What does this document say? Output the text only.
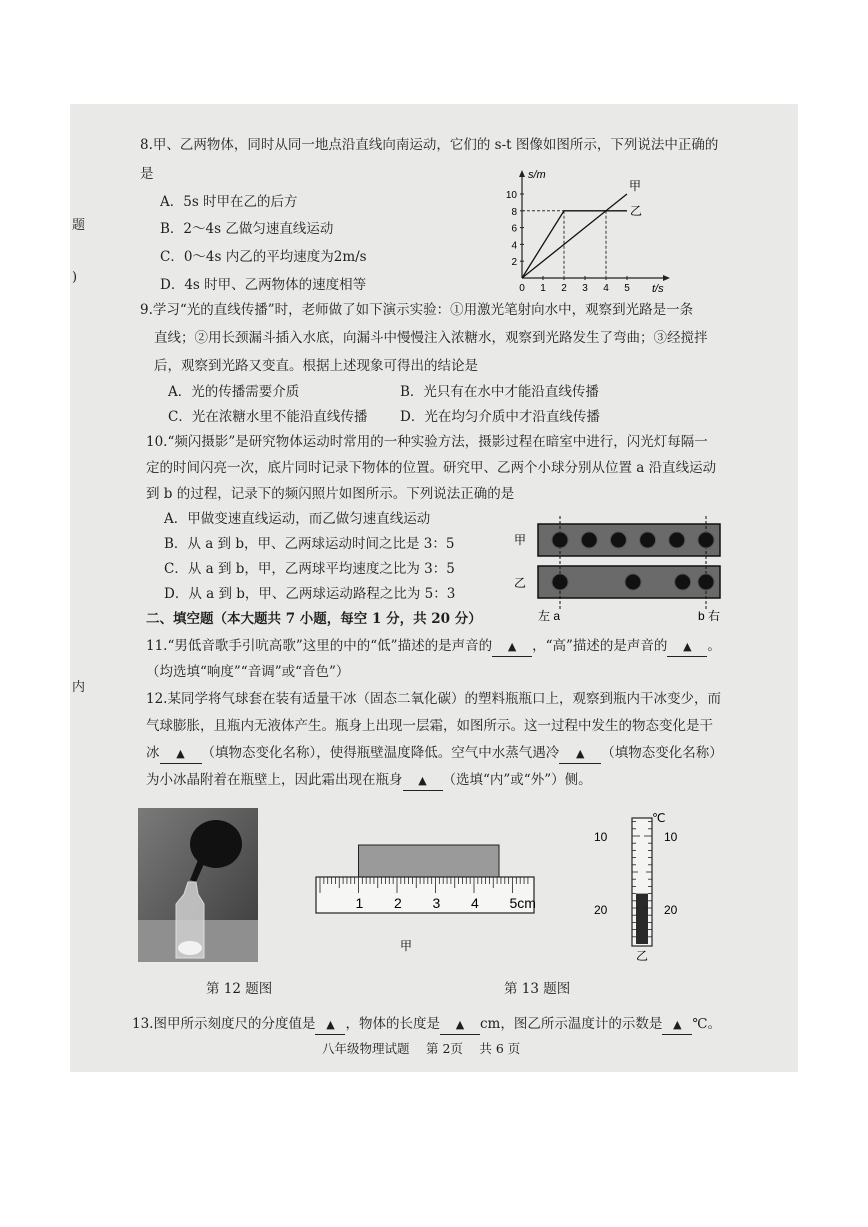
题
)
内
8.甲、乙两物体，同时从同一地点沿直线向南运动，它们的 s-t 图像如图所示，下列说法中正确的
是
A．5s 时甲在乙的后方
B．2～4s 乙做匀速直线运动
C．0～4s 内乙的平均速度为2m/s
D．4s 时甲、乙两物体的速度相等
s/m
t/s
2
4
6
8
10
0 1 2 3 4 5
甲
乙
9.学习“光的直线传播”时，老师做了如下演示实验：①用激光笔射向水中，观察到光路是一条
直线；②用长颈漏斗插入水底，向漏斗中慢慢注入浓糖水，观察到光路发生了弯曲；③经搅拌
后，观察到光路又变直。根据上述现象可得出的结论是
A．光的传播需要介质	B．光只有在水中才能沿直线传播
C．光在浓糖水里不能沿直线传播 D．光在均匀介质中才沿直线传播
10.“频闪摄影”是研究物体运动时常用的一种实验方法，摄影过程在暗室中进行，闪光灯每隔一
定的时间闪亮一次，底片同时记录下物体的位置。研究甲、乙两个小球分别从位置 a 沿直线运动
到 b 的过程，记录下的频闪照片如图所示。下列说法正确的是
A．甲做变速直线运动，而乙做匀速直线运动
B．从 a 到 b，甲、乙两球运动时间之比是 3：5
C．从 a 到 b，甲，乙两球平均速度之比为 3：5
D．从 a 到 b，甲、乙两球运动路程之比为 5：3
甲
乙
左 a	b 右
二、填空题（本大题共 7 小题，每空 1 分，共 20 分）
11.“男低音歌手引吭高歌”这里的中的“低”描述的是声音的 ▲ ，“高”描述的是声音的 ▲ 。
（均选填“响度”“音调”或“音色”）
12.某同学将气球套在装有适量干冰（固态二氧化碳）的塑料瓶瓶口上，观察到瓶内干冰变少，而
气球膨胀，且瓶内无液体产生。瓶身上出现一层霜，如图所示。这一过程中发生的物态变化是干
冰 ▲ （填物态变化名称），使得瓶壁温度降低。空气中水蒸气遇冷 ▲ （填物态变化名称）
为小冰晶附着在瓶壁上，因此霜出现在瓶身 ▲ （选填“内”或“外”）侧。
1 2 3 4 5cm
甲
℃
10
20
10
20
乙
第 12 题图	第 13 题图
13.图甲所示刻度尺的分度值是 ▲ ，物体的长度是 ▲ cm，图乙所示温度计的示数是 ▲ ℃。
八年级物理试题　 第 2页　 共 6 页
